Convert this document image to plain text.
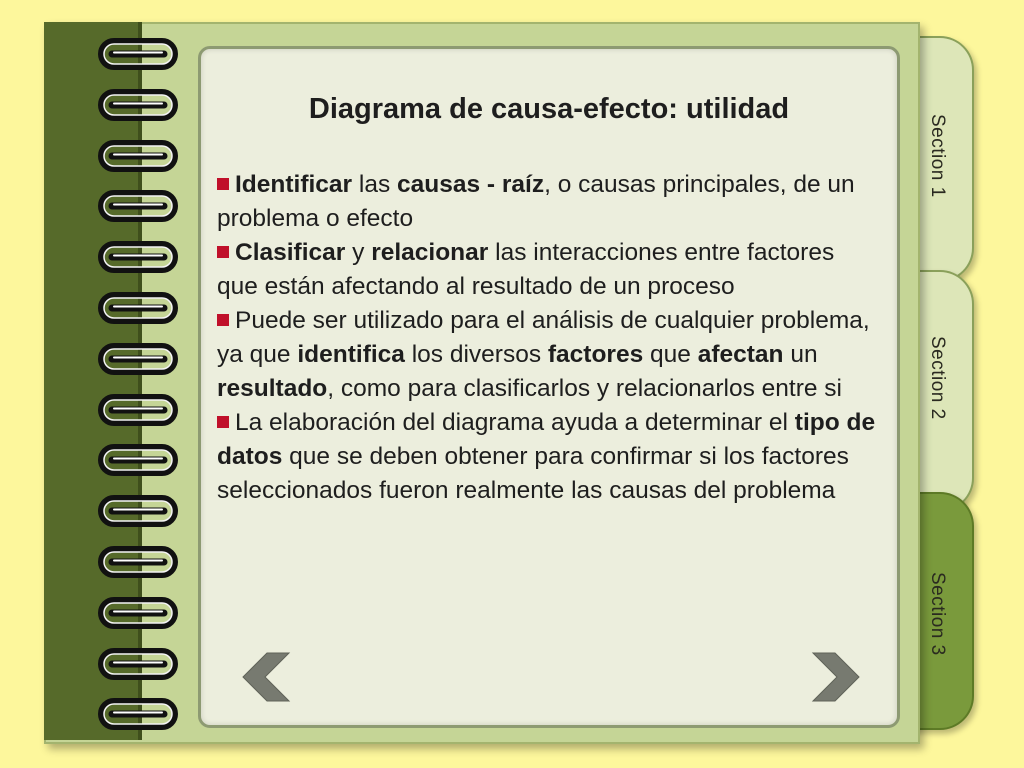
Section 1
Section 2
Section 3
Diagrama de causa-efecto: utilidad

Identificar las causas - raíz, o causas principales, de un problema o efecto

Clasificar y relacionar las interacciones entre factores que están afectando al resultado de un proceso

Puede ser utilizado para el análisis de cualquier problema, ya que identifica los diversos factores que afectan un resultado, como para clasificarlos y relacionarlos entre si

La elaboración del diagrama ayuda a determinar el tipo de datos que se deben obtener para confirmar si los factores seleccionados fueron realmente las causas del problema
